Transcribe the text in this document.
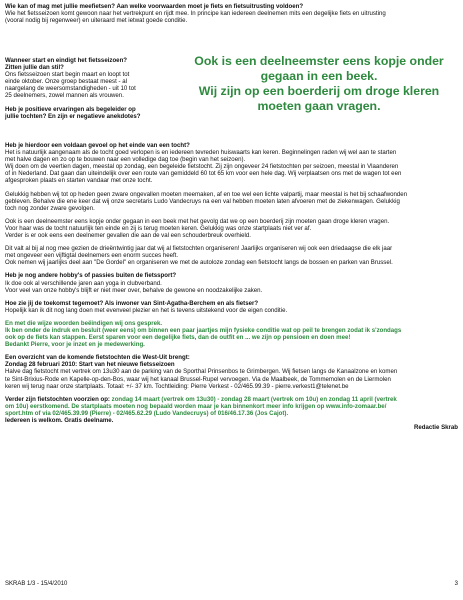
Wie kan of mag met jullie meefietsen? Aan welke voorwaarden moet je fiets en fietsuitrusting voldoen?

Wie het fietsseizoen komt gewoon naar het vertrekpunt en rijdt mee. In principe kan iedereen deelnemen mits een degelijke fiets en uitrusting

(vooral nodig bij regenweer) en uiteraard met ietwat goede conditie.

Wanneer start en eindigt het fietsseizoen?

Zitten jullie dan stil?

Ons fietsseizoen start begin maart en loopt tot

einde oktober. Onze groep bestaat meest - al

naargelang de weersomstandigheden - uit 10 tot

25 deelnemers, zowel mannen als vrouwen.

Heb je positieve ervaringen als begeleider op

jullie tochten? En zijn er negatieve anekdotes?

Ook is een deelneemster eens kopje onder

gegaan in een beek.

Wij zijn op een boerderij om droge kleren

moeten gaan vragen.

Heb je hierdoor een voldaan gevoel op het einde van een tocht?

Het is natuurlijk aangenaam als de tocht goed verlopen is en iedereen tevreden huiswaarts kan keren. Beginnelingen raden wij wel aan te starten

met halve dagen en zo op te bouwen naar een volledige dag toe (begin van het seizoen).

Wij doen om de veertien dagen, meestal op zondag, een begeleide fietstocht. Zij zijn ongeveer 24 fietstochten per seizoen, meestal in Vlaanderen

of in Nederland. Dat gaan dan uiteindelijk over een route van gemiddeld 60 tot 65 km voor een hele dag. Wij verplaatsen ons met de wagen tot een

afgesproken plaats en starten vandaar met onze tocht.

Gelukkig hebben wij tot op heden geen zware ongevallen moeten meemaken, af en toe wel een lichte valpartij, maar meestal is het bij schaafwonden

gebleven. Behalve die ene keer dat wij onze secretaris Ludo Vandecruys na een val hebben moeten laten afvoeren met de ziekenwagen. Gelukkig

toch nog zonder zware gevolgen.

Ook is een deelneemster eens kopje onder gegaan in een beek met het gevolg dat we op een boerderij zijn moeten gaan droge kleren vragen.

Voor haar was de tocht natuurlijk ten einde en zij is terug moeten keren. Gelukkig was onze startplaats niet ver af.

Verder is er ook eens een deelnemer gevallen die aan de val een schouderbreuk overhield.

Dit valt al bij al nog mee gezien de drieëntwintig jaar dat wij al fietstochten organiseren! Jaarlijks organiseren wij ook een driedaagse die elk jaar

met ongeveer een vijftigtal deelnemers een enorm succes heeft.

Ook nemen wij jaarlijks deel aan "De Gordel" en organiseren we met de autoloze zondag een fietstocht langs de bossen en parken van Brussel.

Heb je nog andere hobby's of passies buiten de fietssport?

Ik doe ook al verschillende jaren aan yoga in clubverband.

Voor veel van onze hobby's blijft er niet meer over, behalve de gewone en noodzakelijke zaken.

Hoe zie jij de toekomst tegemoet? Als inwoner van Sint-Agatha-Berchem en als fietser?

Hopelijk kan ik dit nog lang doen met evenveel plezier en het is tevens uitstekend voor de eigen conditie.

En met die wijze woorden beëindigen wij ons gesprek.

Ik ben onder de indruk en besluit (weer eens) om binnen een paar jaartjes mijn fysieke conditie wat op peil te brengen zodat ik s'zondags

ook op de fiets kan stappen. Eerst sparen voor een degelijke fiets, dan de outfit en ... we zijn op pensioen en doen mee!

Bedankt Pierre, voor je inzet en je medewerking.

Een overzicht van de komende fietstochten die West-Uit brengt:

Zondag 28 februari 2010: Start van het nieuwe fietsseizoen

Halve dag fietstocht met vertrek om 13u30 aan de parking van de Sporthal Prinsenbos te Grimbergen. Wij fietsen langs de Kanaalzone en komen

te Sint-Brixius-Rode en Kapelle-op-den-Bos, waar wij het kanaal Brussel-Rupel vervoegen. Via de Maalbeek, de Tommemolen en de Liermolen

keren wij terug naar onze startplaats. Totaal: +/- 37 km. Tochtleiding: Pierre Verkest - 02/465.99.39 - pierre.verkest1@telenet.be

Verder zijn fietstochten voorzien op: zondag 14 maart (vertrek om 13u30) - zondag 28 maart (vertrek om 10u) en zondag 11 april (vertrek

om 10u) eerstkomend. De startplaats moeten nog bepaald worden maar je kan binnenkort meer info krijgen op www.info-zomaar.be/

sport.htm of via 02/465.39.99 (Pierre) - 02/465.62.29 (Ludo Vandecruys) of 016/46.17.36 (Jos Cajot).

Iedereen is welkom. Gratis deelname.

Redactie Skrab

SKRAB 1/3 - 15/4/2010	3
